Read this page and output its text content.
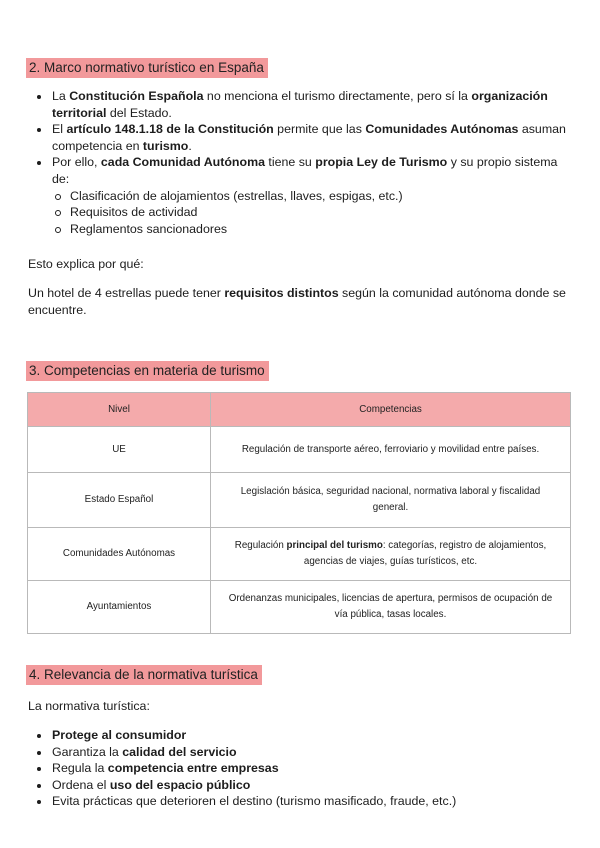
2. Marco normativo turístico en España
La Constitución Española no menciona el turismo directamente, pero sí la organización territorial del Estado.
El artículo 148.1.18 de la Constitución permite que las Comunidades Autónomas asuman competencia en turismo.
Por ello, cada Comunidad Autónoma tiene su propia Ley de Turismo y su propio sistema de:
Clasificación de alojamientos (estrellas, llaves, espigas, etc.)
Requisitos de actividad
Reglamentos sancionadores

Esto explica por qué:

Un hotel de 4 estrellas puede tener requisitos distintos según la comunidad autónoma donde se encuentre.

3. Competencias en materia de turismo
Nivel	Competencias
UE	Regulación de transporte aéreo, ferroviario y movilidad entre países.
Estado Español	Legislación básica, seguridad nacional, normativa laboral y fiscalidad general.
Comunidades Autónomas	Regulación principal del turismo: categorías, registro de alojamientos, agencias de viajes, guías turísticos, etc.
Ayuntamientos	Ordenanzas municipales, licencias de apertura, permisos de ocupación de vía pública, tasas locales.
4. Relevancia de la normativa turística

La normativa turística:

Protege al consumidor
Garantiza la calidad del servicio
Regula la competencia entre empresas
Ordena el uso del espacio público
Evita prácticas que deterioren el destino (turismo masificado, fraude, etc.)
